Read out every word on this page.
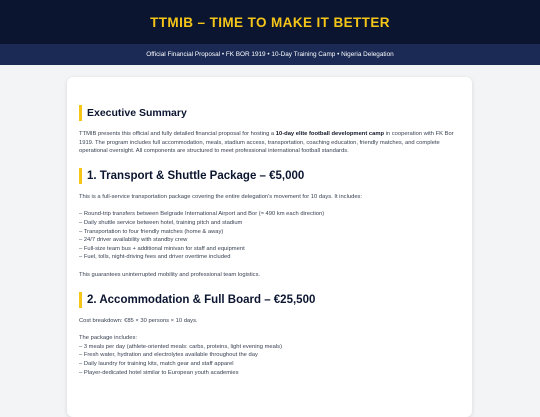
TTMIB – TIME TO MAKE IT BETTER
Official Financial Proposal • FK BOR 1919 • 10-Day Training Camp • Nigeria Delegation
Executive Summary

TTMIB presents this official and fully detailed financial proposal for hosting a 10-day elite football development camp in cooperation with FK Bor 1919. The program includes full accommodation, meals, stadium access, transportation, coaching education, friendly matches, and complete operational oversight. All components are structured to meet professional international football standards.

1. Transport & Shuttle Package – €5,000

This is a full-service transportation package covering the entire delegation's movement for 10 days. It includes:

– Round-trip transfers between Belgrade International Airport and Bor (≈ 490 km each direction)
– Daily shuttle service between hotel, training pitch and stadium
– Transportation to four friendly matches (home & away)
– 24/7 driver availability with standby crew
– Full-size team bus + additional minivan for staff and equipment
– Fuel, tolls, night-driving fees and driver overtime included

This guarantees uninterrupted mobility and professional team logistics.

2. Accommodation & Full Board – €25,500

Cost breakdown: €85 × 30 persons × 10 days.

The package includes:

– 3 meals per day (athlete-oriented meals: carbs, proteins, light evening meals)
– Fresh water, hydration and electrolytes available throughout the day
– Daily laundry for training kits, match gear and staff apparel
– Player-dedicated hotel similar to European youth academies
